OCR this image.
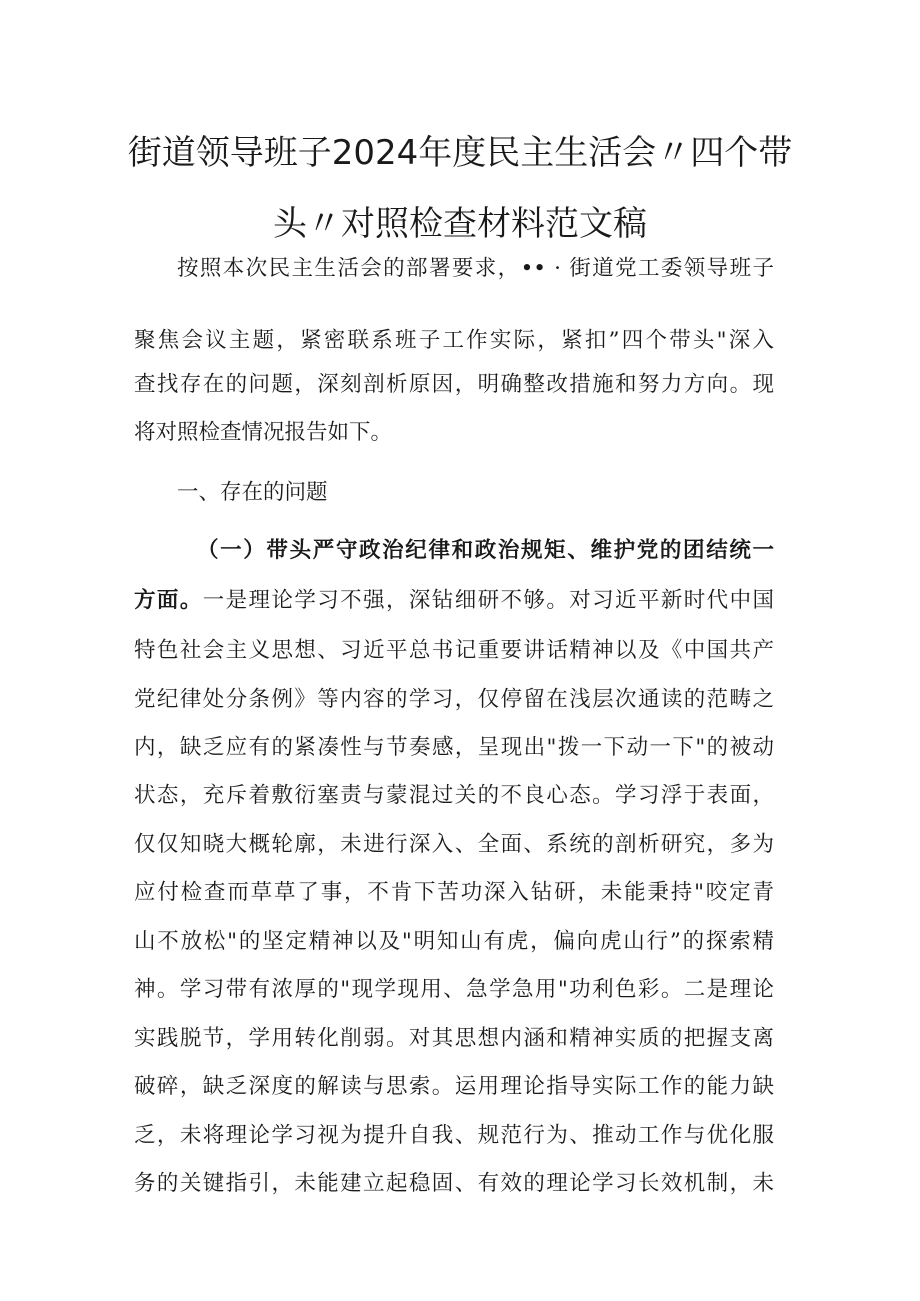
街道领导班子2024年度民主生活会〃四个带
头〃对照检查材料范文稿
按照本次民主生活会的部署要求，•• · 街道党工委领导班子
聚焦会议主题，紧密联系班子工作实际，紧扣”四个带头"深入
查找存在的问题，深刻剖析原因，明确整改措施和努力方向。现
将对照检查情况报告如下。
一、存在的问题
（一）带头严守政治纪律和政治规矩、维护党的团结统一
方面。一是理论学习不强，深钻细研不够。对习近平新时代中国
特色社会主义思想、习近平总书记重要讲话精神以及《中国共产
党纪律处分条例》等内容的学习，仅停留在浅层次通读的范畴之
内，缺乏应有的紧凑性与节奏感，呈现出"拨一下动一下"的被动
状态，充斥着敷衍塞责与蒙混过关的不良心态。学习浮于表面，
仅仅知晓大概轮廓，未进行深入、全面、系统的剖析研究，多为
应付检查而草草了事，不肯下苦功深入钻研，未能秉持"咬定青
山不放松"的坚定精神以及"明知山有虎，偏向虎山行”的探索精
神。学习带有浓厚的"现学现用、急学急用"功利色彩。二是理论
实践脱节，学用转化削弱。对其思想内涵和精神实质的把握支离
破碎，缺乏深度的解读与思索。运用理论指导实际工作的能力缺
乏，未将理论学习视为提升自我、规范行为、推动工作与优化服
务的关键指引，未能建立起稳固、有效的理论学习长效机制，未
